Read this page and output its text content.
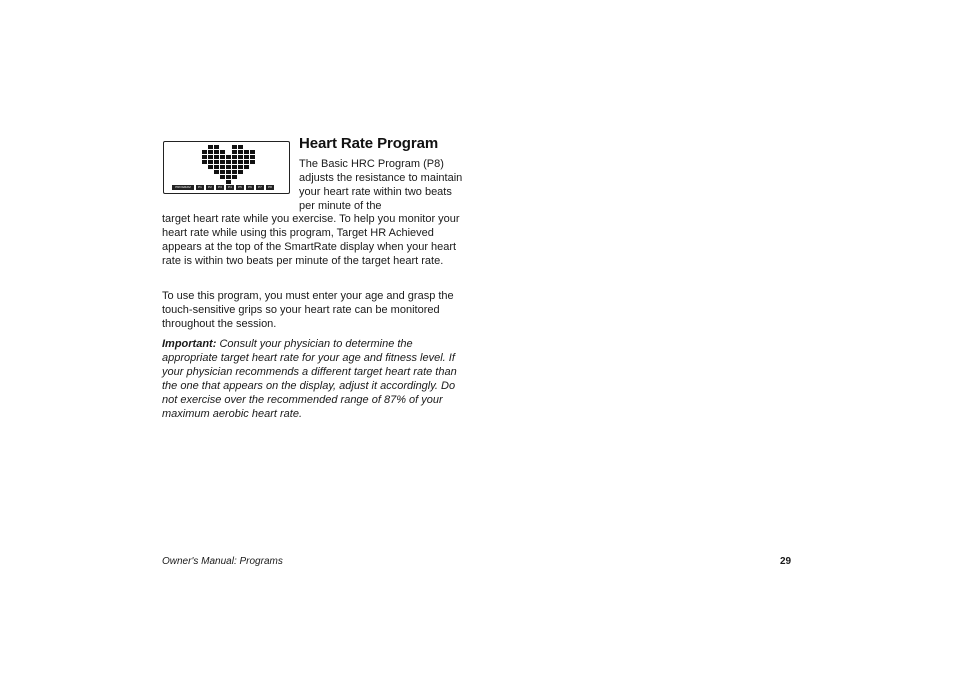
PROGRAM	P1	P2	P3	P4	P5	P6	P7	P8
Heart Rate Program

The Basic HRC Program (P8) adjusts the resistance to maintain your heart rate within two beats per minute of the

target heart rate while you exercise. To help you monitor your heart rate while using this program, Target HR Achieved appears at the top of the SmartRate display when your heart rate is within two beats per minute of the target heart rate.

To use this program, you must enter your age and grasp the touch-sensitive grips so your heart rate can be monitored throughout the session.

Important: Consult your physician to determine the appropriate target heart rate for your age and fitness level. If your physician recommends a different target heart rate than the one that appears on the display, adjust it accordingly. Do not exercise over the recommended range of 87% of your maximum aerobic heart rate.

Owner's Manual: Programs	29
